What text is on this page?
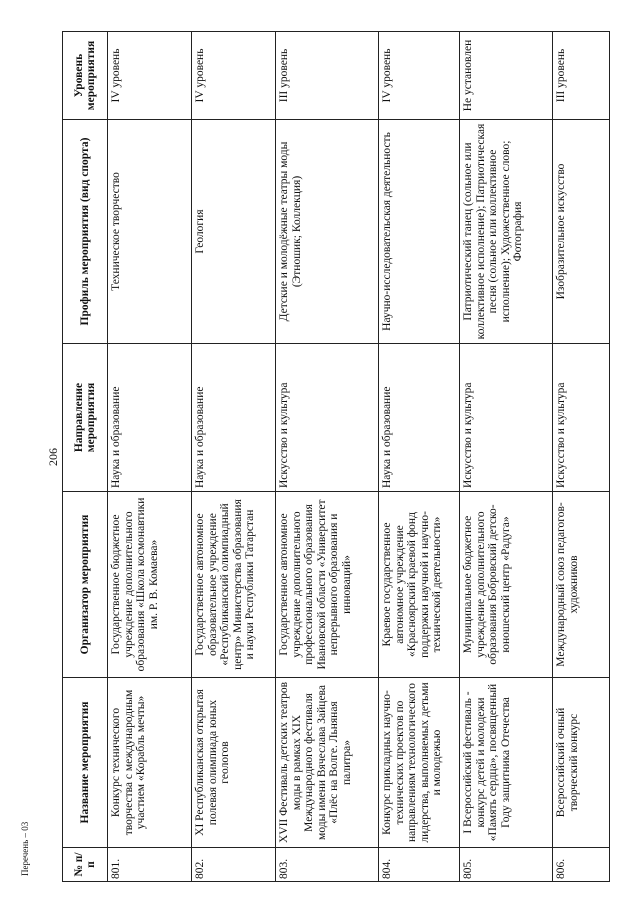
206
№ п/п	Название мероприятия	Организатор мероприятия	Направление мероприятия	Профиль мероприятия (вид спорта)	Уровень мероприятия
801.	Конкурс технического творчества с международным участием «Корабль мечты»	Государственное бюджетное учреждение дополнительного образования «Школа космонавтики им. Р. В. Комаева»	Наука и образование	Техническое творчество	IV уровень
802.	XI Республиканская открытая полевая олимпиада юных геологов	Государственное автономное образовательное учреждение «Республиканский олимпиадный центр» Министерства образования и науки Республики Татарстан	Наука и образование	Геология	IV уровень
803.	XVII Фестиваль детских театров моды в рамках XIX Международного фестиваля моды имени Вячеслава Зайцева «Плёс на Волге. Льняная палитра»	Государственное автономное учреждение дополнительного профессионального образования Ивановской области «Университет непрерывного образования и инноваций»	Искусство и культура	Детские и молодёжные театры моды (Этношик; Коллекция)	III уровень
804.	Конкурс прикладных научно-технических проектов по направлениям технологического лидерства, выполняемых детьми и молодежью	Краевое государственное автономное учреждение «Красноярский краевой фонд поддержки научной и научно-технической деятельности»	Наука и образование	Научно-исследовательская деятельность	IV уровень
805.	I Всероссийский фестиваль - конкурс детей и молодежи «Память сердца», посвященный Году защитника Отечества	Муниципальное бюджетное учреждение дополнительного образования Бобровский детско-юношеский центр «Радуга»	Искусство и культура	Патриотический танец (сольное или коллективное исполнение); Патриотическая песня (сольное или коллективное исполнение); Художественное слово; Фотография	Не установлен
806.	Всероссийский очный творческий конкурс	Международный союз педагогов-художников	Искусство и культура	Изобразительное искусство	III уровень
Перечень – 03
